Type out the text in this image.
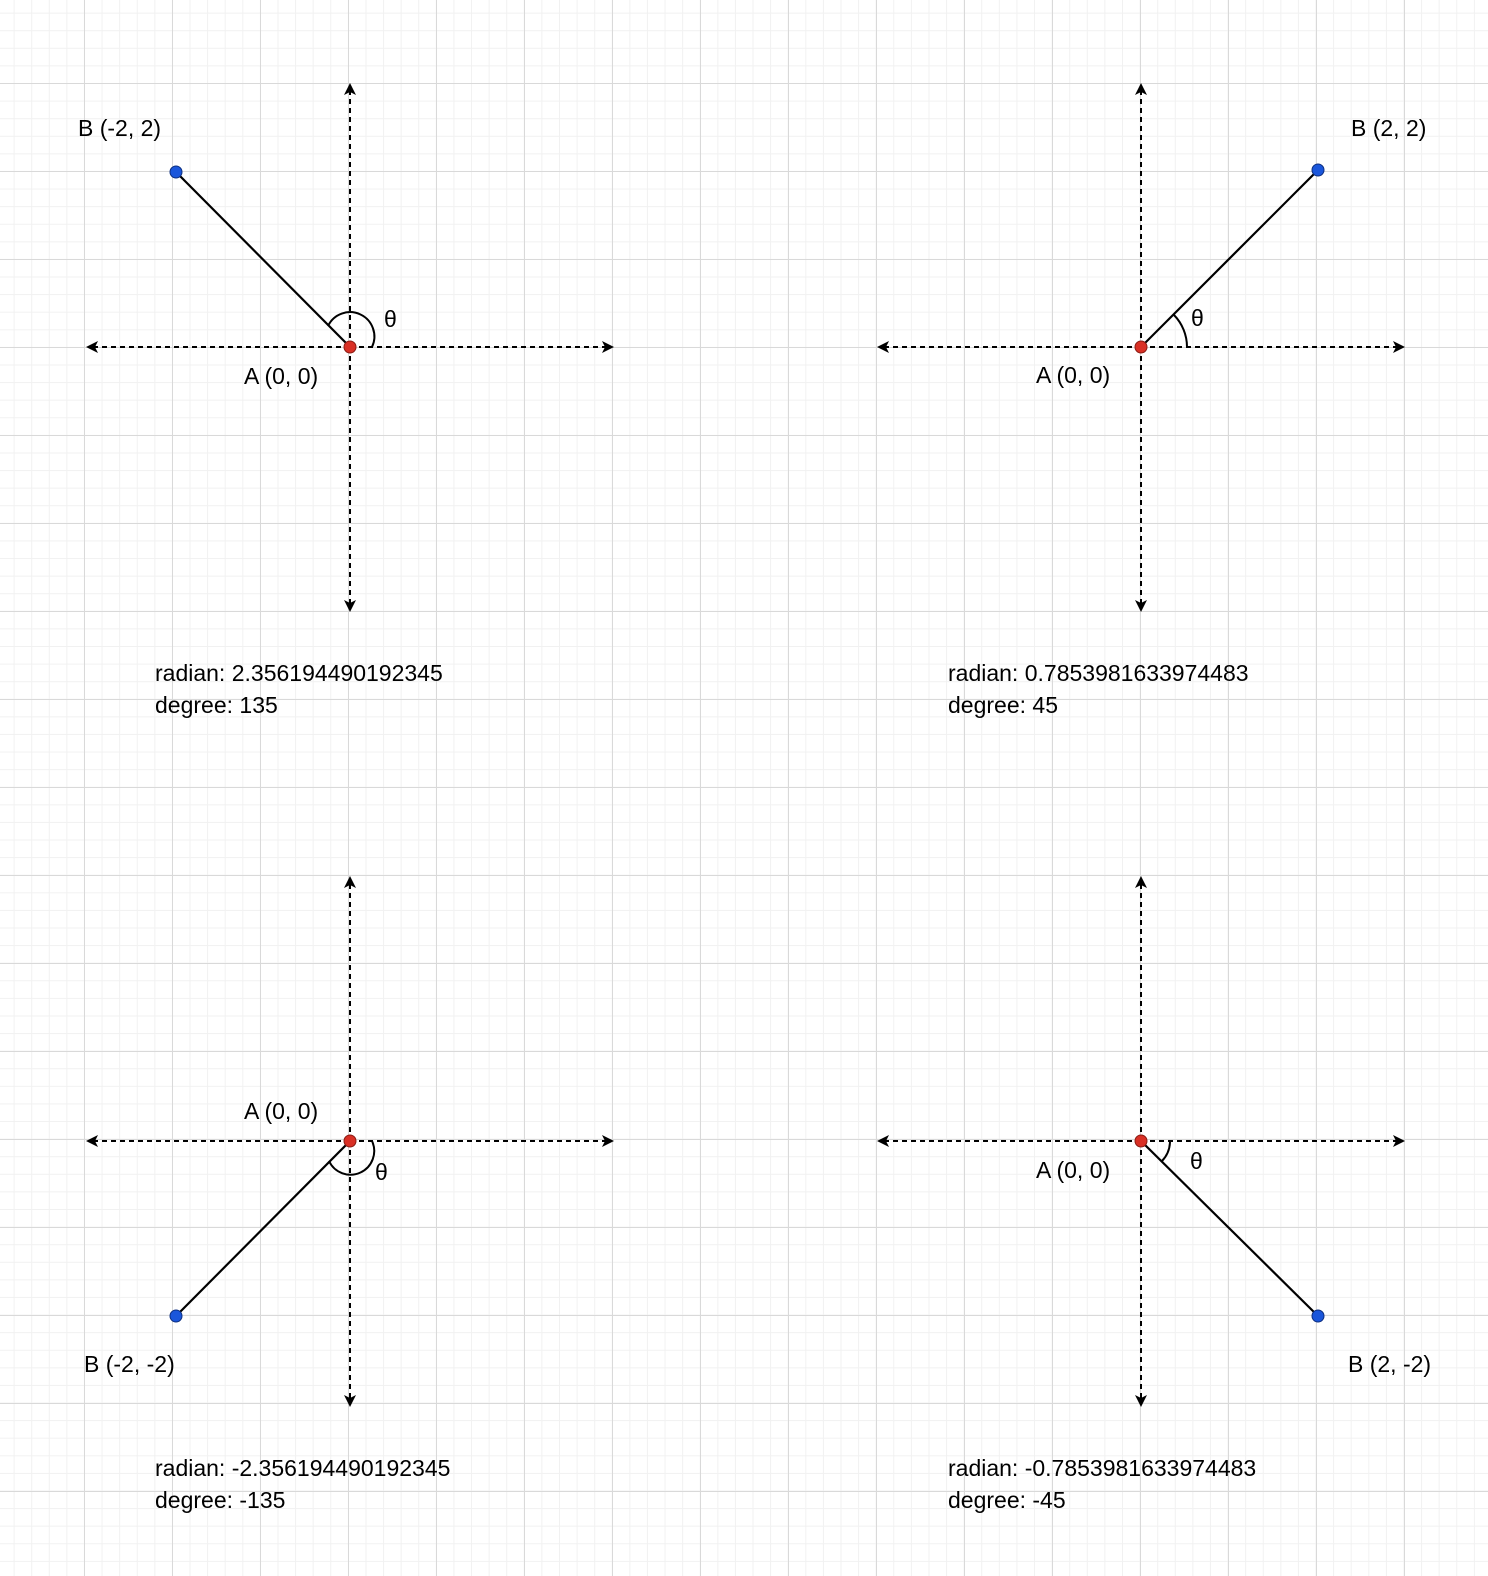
B (-2, 2)
A (0, 0)
θ
radian: 2.356194490192345
degree: 135
B (2, 2)
A (0, 0)
θ
radian: 0.7853981633974483
degree: 45
B (-2, -2)
A (0, 0)
θ
radian: -2.356194490192345
degree: -135
B (2, -2)
A (0, 0)	θ
radian: -0.7853981633974483
degree: -45
